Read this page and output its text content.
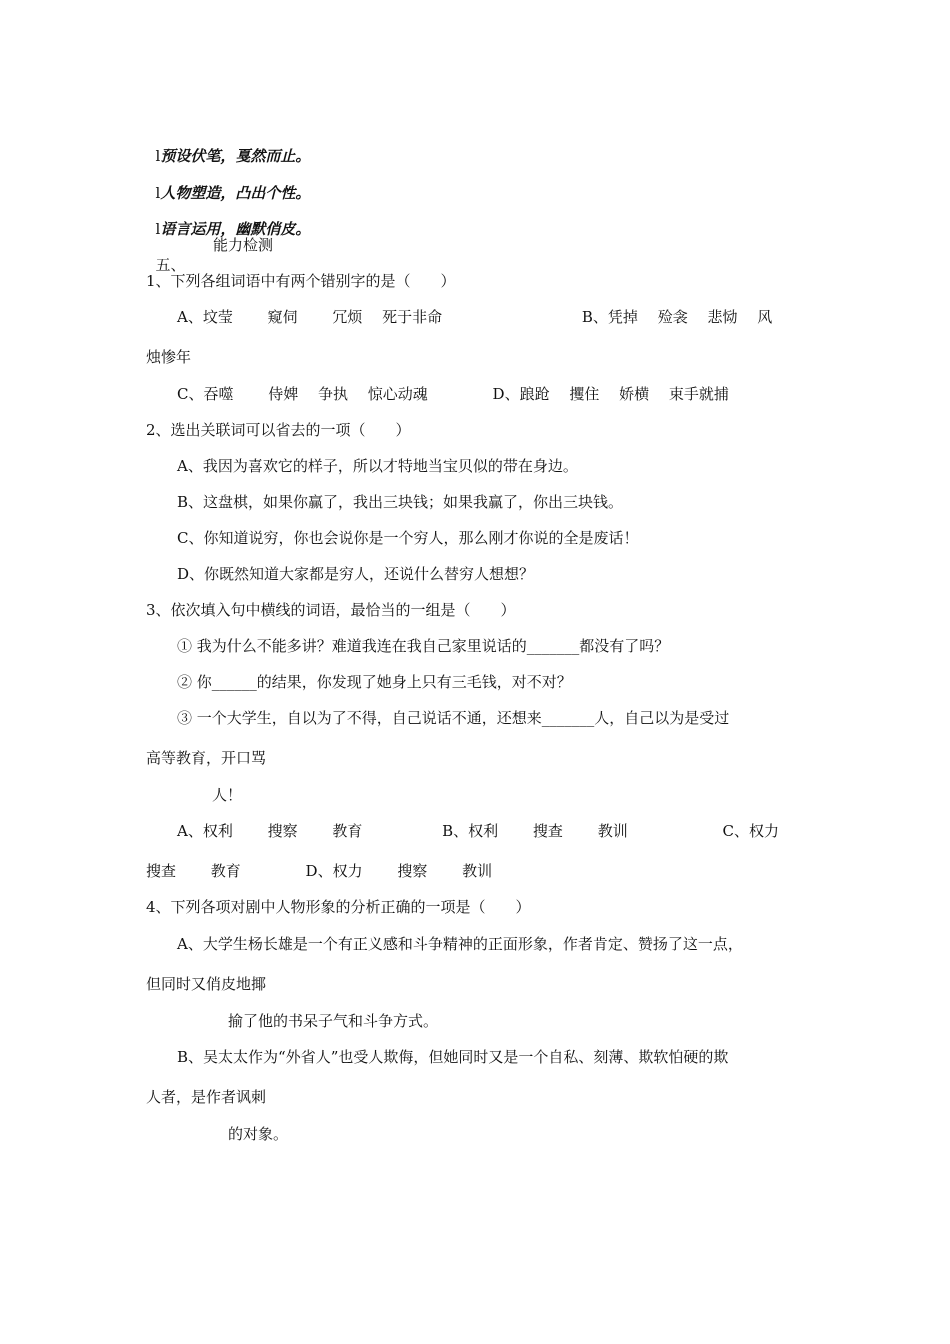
l预设伏笔，戛然而止。

l人物塑造，凸出个性。

l语言运用，幽默俏皮。

五、

能力检测
1、下列各组词语中有两个错别字的是（　　）
A、坟莹　　 窥伺　　 冗烦　 死于非命　　　　　　　　　 B、凭掉　 殓衾　 悲恸　 风
烛惨年
C、吞噬　　 侍婢　 争执　 惊心动魂　　　　 D、踉跄　 攫住　 娇横　 束手就捕
2、选出关联词可以省去的一项（　　）
A、我因为喜欢它的样子，所以才特地当宝贝似的带在身边。
B、这盘棋，如果你赢了，我出三块钱；如果我赢了，你出三块钱。
C、你知道说穷，你也会说你是一个穷人，那么刚才你说的全是废话！
D、你既然知道大家都是穷人，还说什么替穷人想想？
3、依次填入句中横线的词语，最恰当的一组是（　　）
① 我为什么不能多讲？难道我连在我自己家里说话的_______都没有了吗？
② 你______的结果，你发现了她身上只有三毛钱，对不对？
③ 一个大学生，自以为了不得，自己说话不通，还想来_______人，自己以为是受过
高等教育，开口骂
人！
A、权利　　 搜察　　 教育　　　　　 B、权利　　 搜查　　 教训　　　　　　 C、权力
搜查　　 教育　　　　 D、权力　　 搜察　　 教训
4、下列各项对剧中人物形象的分析正确的一项是（　　）
A、大学生杨长雄是一个有正义感和斗争精神的正面形象，作者肯定、赞扬了这一点，
但同时又俏皮地揶
揄了他的书呆子气和斗争方式。
B、吴太太作为“外省人”也受人欺侮，但她同时又是一个自私、刻薄、欺软怕硬的欺
人者，是作者讽刺
的对象。
